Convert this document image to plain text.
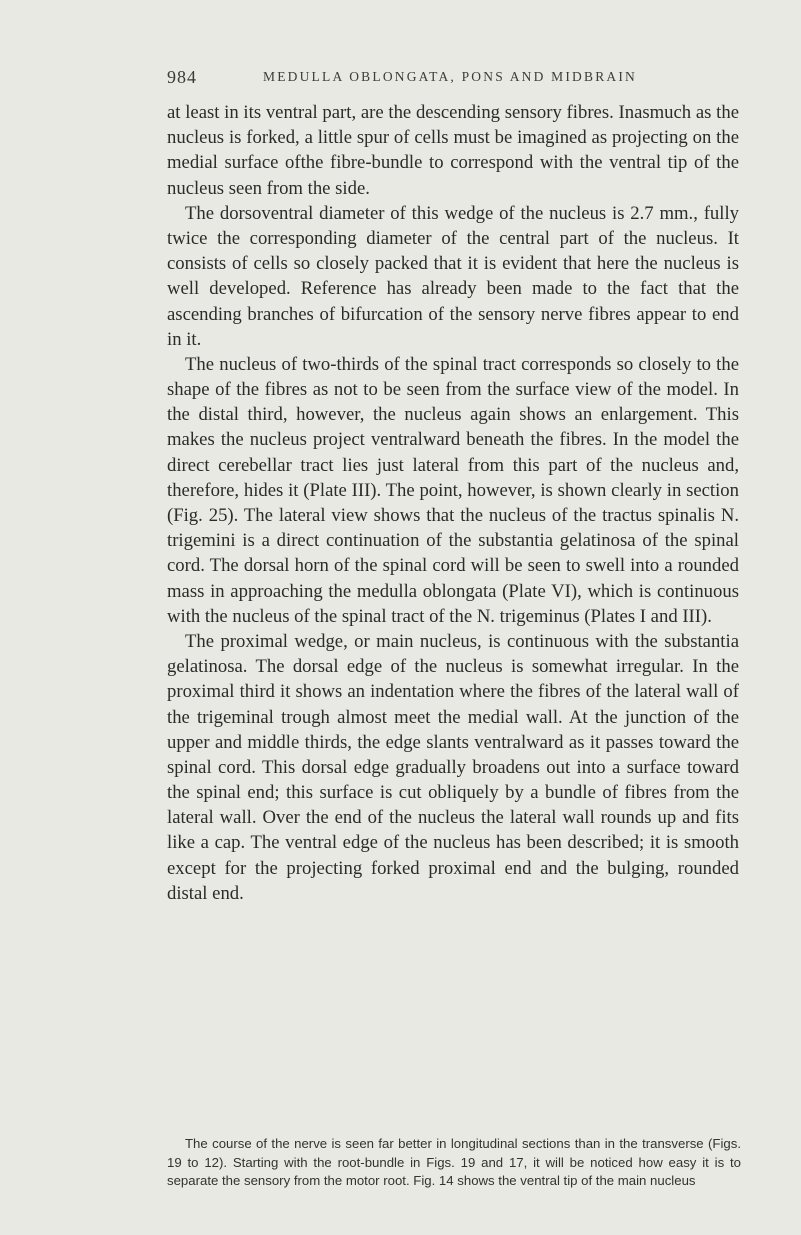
984	MEDULLA OBLONGATA, PONS AND MIDBRAIN

at least in its ventral part, are the descending sensory fibres. Inasmuch as the nucleus is forked, a little spur of cells must be imagined as projecting on the medial surface ofthe fibre-bundle to correspond with the ventral tip of the nucleus seen from the side.

The dorsoventral diameter of this wedge of the nucleus is 2.7 mm., fully twice the corresponding diameter of the central part of the nucleus. It consists of cells so closely packed that it is evident that here the nucleus is well developed. Reference has already been made to the fact that the ascending branches of bifurcation of the sensory nerve fibres appear to end in it.

The nucleus of two-thirds of the spinal tract corresponds so closely to the shape of the fibres as not to be seen from the surface view of the model. In the distal third, however, the nucleus again shows an enlargement. This makes the nucleus project ventralward beneath the fibres. In the model the direct cerebellar tract lies just lateral from this part of the nucleus and, therefore, hides it (Plate III). The point, however, is shown clearly in section (Fig. 25). The lateral view shows that the nucleus of the tractus spinalis N. trigemini is a direct continuation of the substantia gelatinosa of the spinal cord. The dorsal horn of the spinal cord will be seen to swell into a rounded mass in approaching the medulla oblongata (Plate VI), which is continuous with the nucleus of the spinal tract of the N. trigeminus (Plates I and III).

The proximal wedge, or main nucleus, is continuous with the substantia gelatinosa. The dorsal edge of the nucleus is somewhat irregular. In the proximal third it shows an indentation where the fibres of the lateral wall of the trigeminal trough almost meet the medial wall. At the junction of the upper and middle thirds, the edge slants ventralward as it passes toward the spinal cord. This dorsal edge gradually broadens out into a surface toward the spinal end; this surface is cut obliquely by a bundle of fibres from the lateral wall. Over the end of the nucleus the lateral wall rounds up and fits like a cap. The ventral edge of the nucleus has been described; it is smooth except for the projecting forked proximal end and the bulging, rounded distal end.

The course of the nerve is seen far better in longitudinal sections than in the transverse (Figs. 19 to 12). Starting with the root-bundle in Figs. 19 and 17, it will be noticed how easy it is to separate the sensory from the motor root. Fig. 14 shows the ventral tip of the main nucleus
